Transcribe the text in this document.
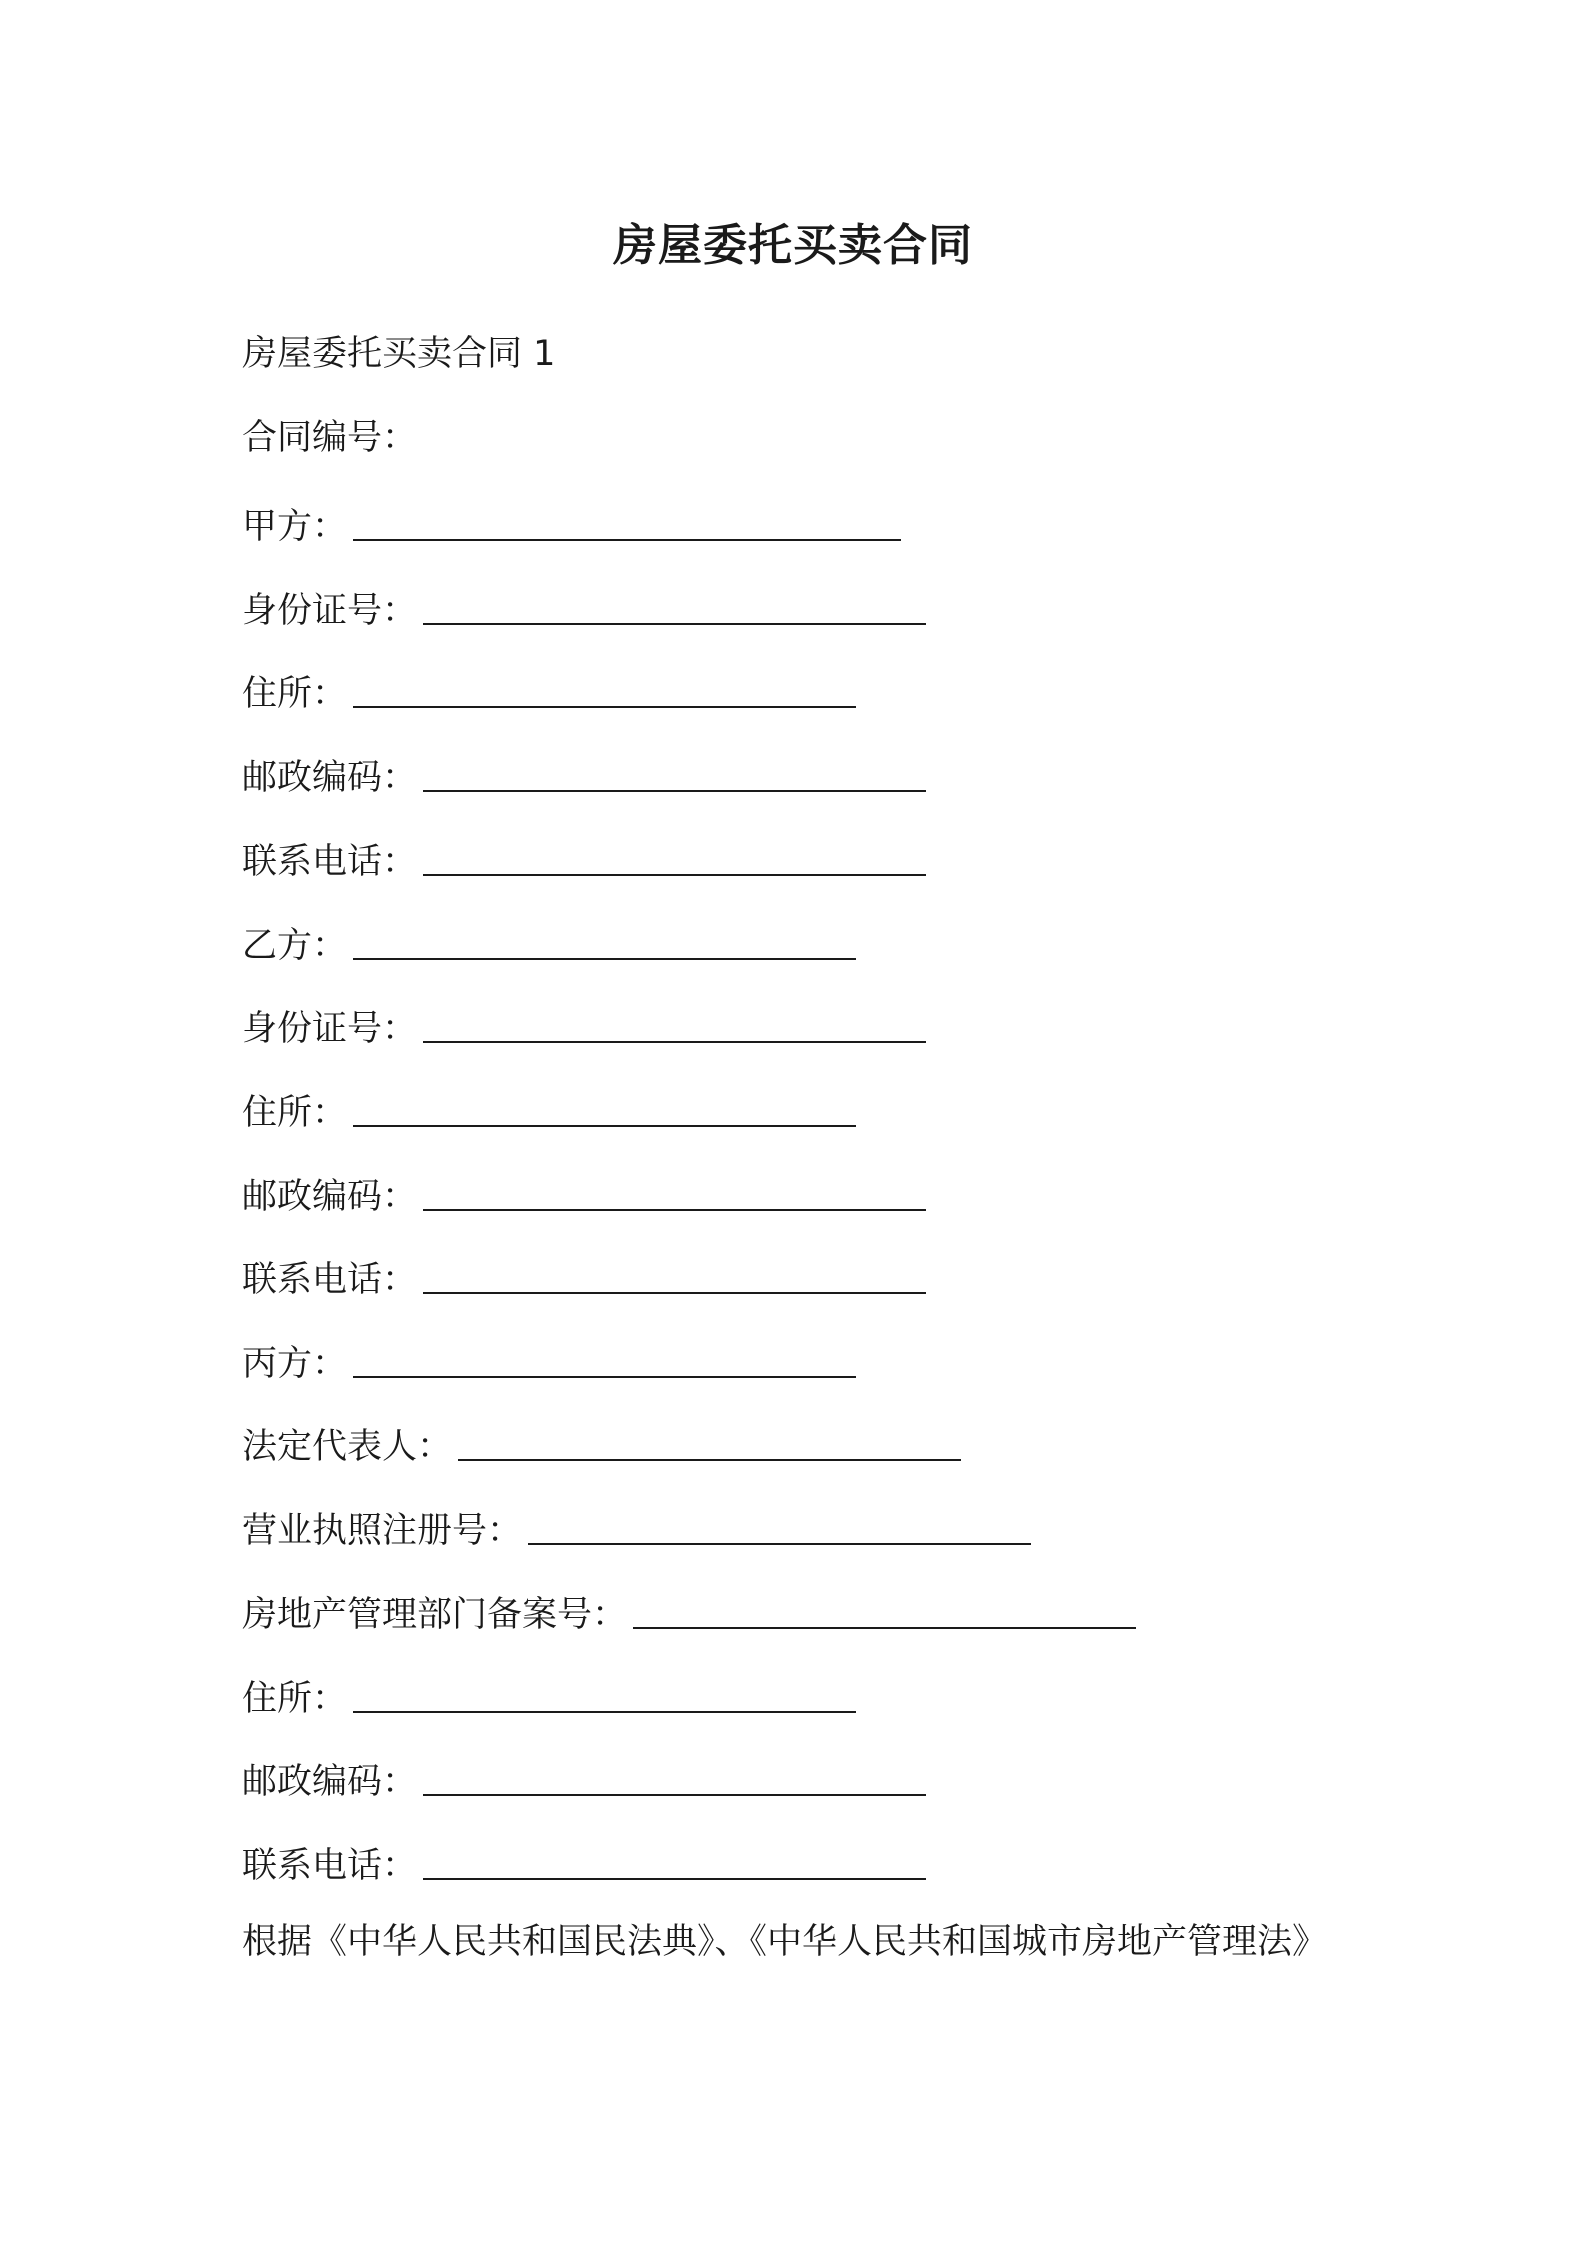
房屋委托买卖合同
房屋委托买卖合同 1
合同编号：
甲方：
身份证号：
住所：
邮政编码：
联系电话：
乙方：
身份证号：
住所：
邮政编码：
联系电话：
丙方：
法定代表人：
营业执照注册号：
房地产管理部门备案号：
住所：
邮政编码：
联系电话：
根据《中华人民共和国民法典》、《中华人民共和国城市房地产管理法》
